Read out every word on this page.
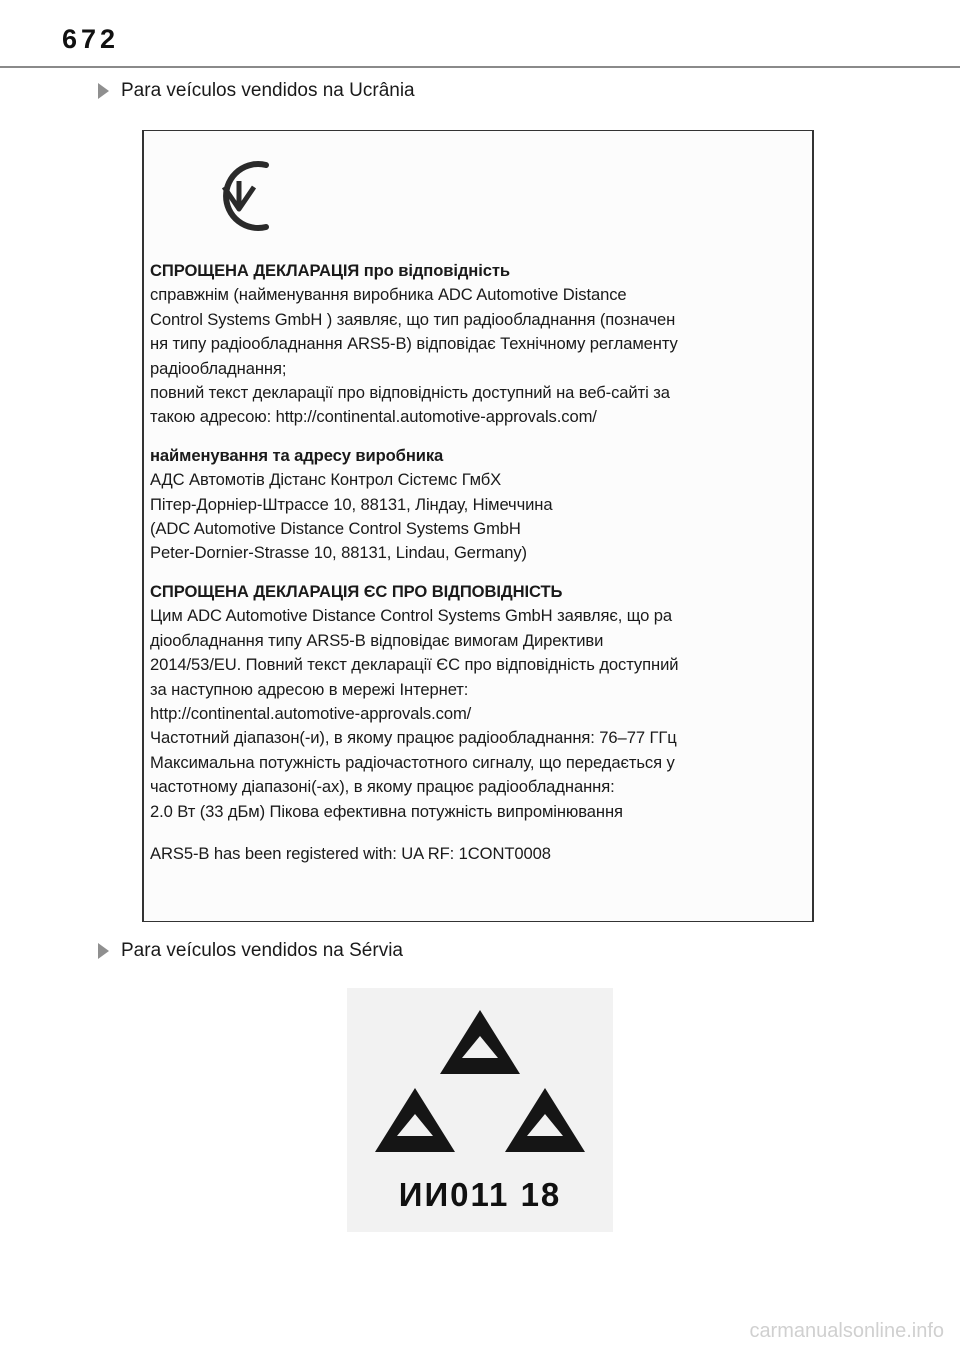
672
Para veículos vendidos na Ucrânia

СПРОЩЕНА ДЕКЛАРАЦІЯ про відповідність

справжнім (найменування виробника ADC Automotive Distance

Control Systems GmbH ) заявляє, що тип радіообладнання (позначен

ня типу радіообладнання ARS5-B) відповідає Технічному регламенту

радіообладнання;

повний текст декларації про відповідність доступний на веб-сайті за

такою адресою: http://continental.automotive-approvals.com/

найменування та адресу виробника

АДС Автомотів Дістанс Контрол Сістемс ГмбХ

Пітер-Дорніер-Штрассе 10, 88131, Ліндау, Німеччина

(ADC Automotive Distance Control Systems GmbH

Peter-Dornier-Strasse 10, 88131, Lindau, Germany)

СПРОЩЕНА ДЕКЛАРАЦІЯ ЄС ПРО ВІДПОВІДНІСТЬ

Цим ADC Automotive Distance Control Systems GmbH заявляє, що ра

діообладнання типу ARS5-B відповідає вимогам Директиви

2014/53/EU. Повний текст декларації ЄС про відповідність доступний

за наступною адресою в мережі Інтернет:

http://continental.automotive-approvals.com/

Частотний діапазон(-и), в якому працює радіообладнання: 76–77 ГГц

Максимальна потужність радіочастотного сигналу, що передається у

частотному діапазоні(-ах), в якому працює радіообладнання:

2.0 Вт (33 дБм) Пікова ефективна потужність випромінювання

ARS5-B has been registered with: UA RF: 1CONT0008

Para veículos vendidos na Sérvia
ИИ011 18
carmanualsonline.info
